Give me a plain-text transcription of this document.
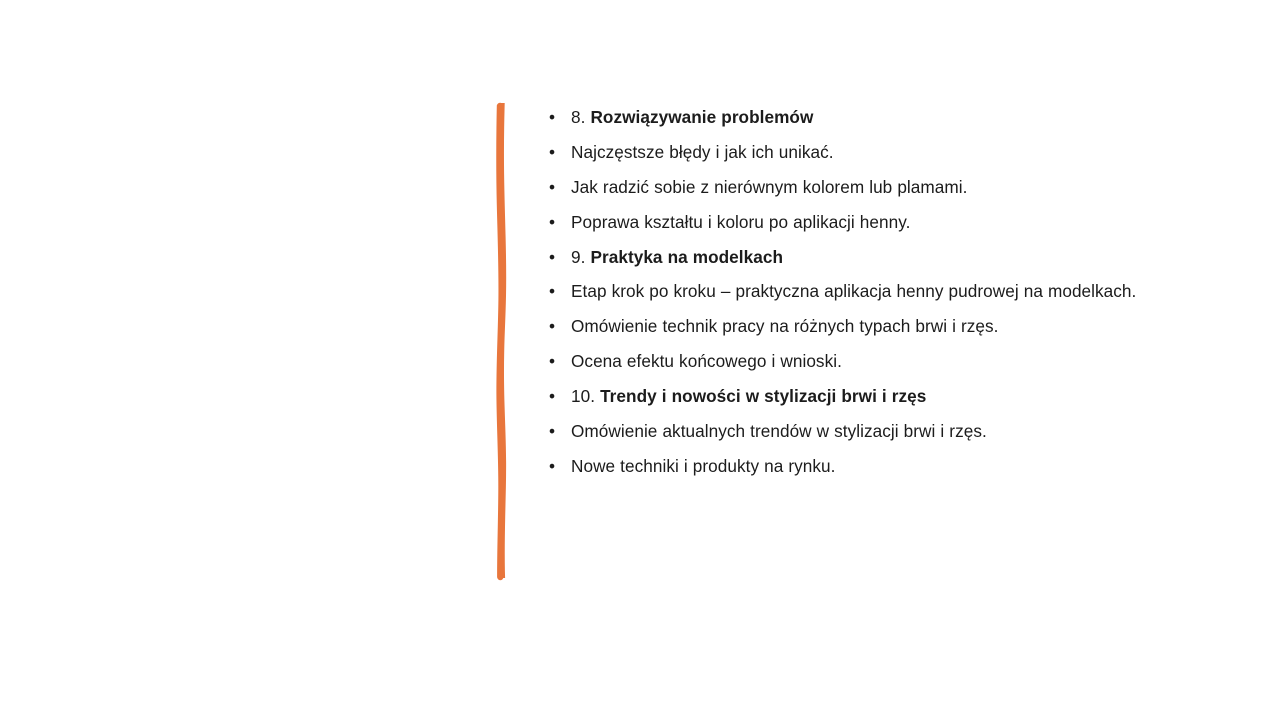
• 8. Rozwiązywanie problemów
• Najczęstsze błędy i jak ich unikać.
• Jak radzić sobie z nierównym kolorem lub plamami.
• Poprawa kształtu i koloru po aplikacji henny.
• 9. Praktyka na modelkach
• Etap krok po kroku – praktyczna aplikacja henny pudrowej na modelkach.
• Omówienie technik pracy na różnych typach brwi i rzęs.
• Ocena efektu końcowego i wnioski.
• 10. Trendy i nowości w stylizacji brwi i rzęs
• Omówienie aktualnych trendów w stylizacji brwi i rzęs.
• Nowe techniki i produkty na rynku.
